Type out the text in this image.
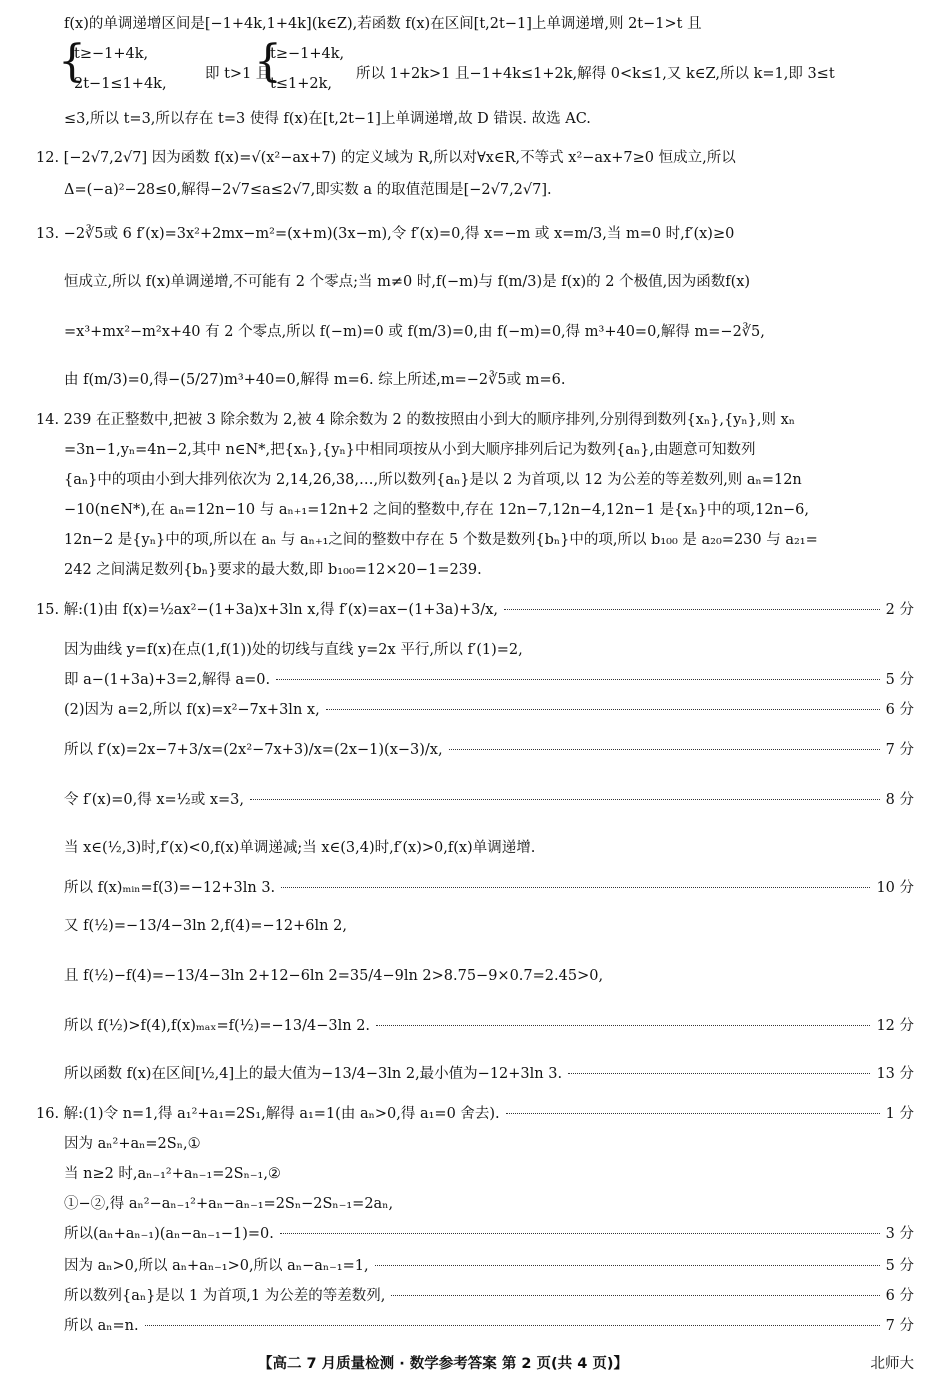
f(x)的单调递增区间是[−1+4k,1+4k](k∈Z),若函数 f(x)在区间[t,2t−1]上单调递增,则 2t−1>t 且
{
t≥−1+4k,
2t−1≤1+4k,
即 t>1 且
{
t≥−1+4k,
t≤1+2k,
所以 1+2k>1 且−1+4k≤1+2k,解得 0<k≤1,又 k∈Z,所以 k=1,即 3≤t
≤3,所以 t=3,所以存在 t=3 使得 f(x)在[t,2t−1]上单调递增,故 D 错误. 故选 AC.
12. [−2√7,2√7] 因为函数 f(x)=√(x²−ax+7) 的定义域为 R,所以对∀x∈R,不等式 x²−ax+7≥0 恒成立,所以
Δ=(−a)²−28≤0,解得−2√7≤a≤2√7,即实数 a 的取值范围是[−2√7,2√7].
13. −2∛5或 6 f′(x)=3x²+2mx−m²=(x+m)(3x−m),令 f′(x)=0,得 x=−m 或 x=m/3,当 m=0 时,f′(x)≥0
恒成立,所以 f(x)单调递增,不可能有 2 个零点;当 m≠0 时,f(−m)与 f(m/3)是 f(x)的 2 个极值,因为函数f(x)
=x³+mx²−m²x+40 有 2 个零点,所以 f(−m)=0 或 f(m/3)=0,由 f(−m)=0,得 m³+40=0,解得 m=−2∛5,
由 f(m/3)=0,得−(5/27)m³+40=0,解得 m=6. 综上所述,m=−2∛5或 m=6.
14. 239 在正整数中,把被 3 除余数为 2,被 4 除余数为 2 的数按照由小到大的顺序排列,分别得到数列{xₙ},{yₙ},则 xₙ
=3n−1,yₙ=4n−2,其中 n∈N*,把{xₙ},{yₙ}中相同项按从小到大顺序排列后记为数列{aₙ},由题意可知数列
{aₙ}中的项由小到大排列依次为 2,14,26,38,…,所以数列{aₙ}是以 2 为首项,以 12 为公差的等差数列,则 aₙ=12n
−10(n∈N*),在 aₙ=12n−10 与 aₙ₊₁=12n+2 之间的整数中,存在 12n−7,12n−4,12n−1 是{xₙ}中的项,12n−6,
12n−2 是{yₙ}中的项,所以在 aₙ 与 aₙ₊₁之间的整数中存在 5 个数是数列{bₙ}中的项,所以 b₁₀₀ 是 a₂₀=230 与 a₂₁=
242 之间满足数列{bₙ}要求的最大数,即 b₁₀₀=12×20−1=239.
15. 解:(1)由 f(x)=½ax²−(1+3a)x+3ln x,得 f′(x)=ax−(1+3a)+3/x,	2 分
因为曲线 y=f(x)在点(1,f(1))处的切线与直线 y=2x 平行,所以 f′(1)=2,
即 a−(1+3a)+3=2,解得 a=0.	5 分
(2)因为 a=2,所以 f(x)=x²−7x+3ln x,	6 分
所以 f′(x)=2x−7+3/x=(2x²−7x+3)/x=(2x−1)(x−3)/x,	7 分
令 f′(x)=0,得 x=½或 x=3,	8 分
当 x∈(½,3)时,f′(x)<0,f(x)单调递减;当 x∈(3,4)时,f′(x)>0,f(x)单调递增.
所以 f(x)ₘᵢₙ=f(3)=−12+3ln 3.	10 分
又 f(½)=−13/4−3ln 2,f(4)=−12+6ln 2,
且 f(½)−f(4)=−13/4−3ln 2+12−6ln 2=35/4−9ln 2>8.75−9×0.7=2.45>0,
所以 f(½)>f(4),f(x)ₘₐₓ=f(½)=−13/4−3ln 2.	12 分
所以函数 f(x)在区间[½,4]上的最大值为−13/4−3ln 2,最小值为−12+3ln 3.	13 分
16. 解:(1)令 n=1,得 a₁²+a₁=2S₁,解得 a₁=1(由 aₙ>0,得 a₁=0 舍去).	1 分
因为 aₙ²+aₙ=2Sₙ,①
当 n≥2 时,aₙ₋₁²+aₙ₋₁=2Sₙ₋₁,②
①−②,得 aₙ²−aₙ₋₁²+aₙ−aₙ₋₁=2Sₙ−2Sₙ₋₁=2aₙ,
所以(aₙ+aₙ₋₁)(aₙ−aₙ₋₁−1)=0.	3 分
因为 aₙ>0,所以 aₙ+aₙ₋₁>0,所以 aₙ−aₙ₋₁=1,	5 分
所以数列{aₙ}是以 1 为首项,1 为公差的等差数列,	6 分
所以 aₙ=n.	7 分
【高二 7 月质量检测 · 数学参考答案 第 2 页(共 4 页)】	北师大
